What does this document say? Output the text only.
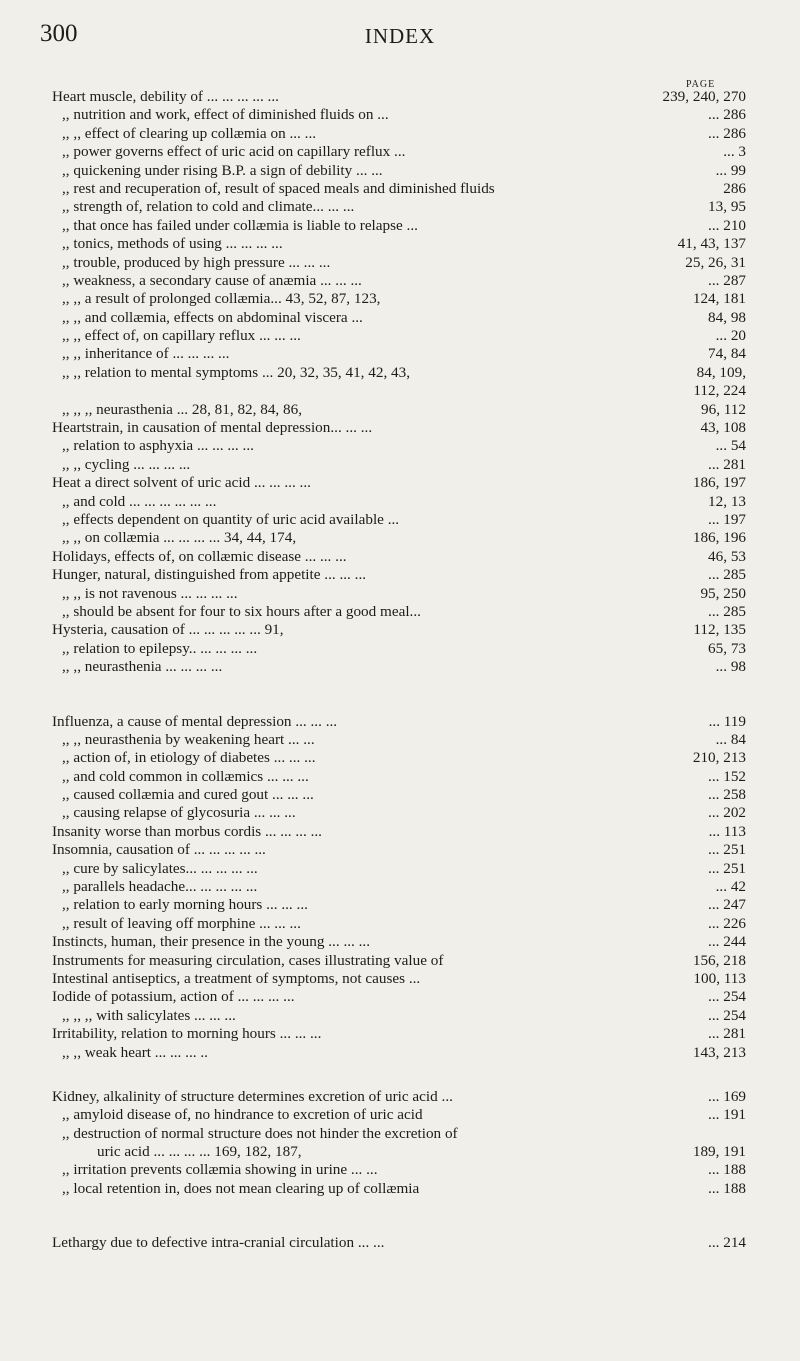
300	INDEX
PAGE
Heart muscle, debility of ... ... ... ... ...	239, 240, 270
,, nutrition and work, effect of diminished fluids on ...	... 286
,, ,, effect of clearing up collæmia on ... ...	... 286
,, power governs effect of uric acid on capillary reflux ...	... 3
,, quickening under rising B.P. a sign of debility ... ...	... 99
,, rest and recuperation of, result of spaced meals and diminished fluids	286
,, strength of, relation to cold and climate... ... ...	13, 95
,, that once has failed under collæmia is liable to relapse ...	... 210
,, tonics, methods of using ... ... ... ...	41, 43, 137
,, trouble, produced by high pressure ... ... ...	25, 26, 31
,, weakness, a secondary cause of anæmia ... ... ...	... 287
,, ,, a result of prolonged collæmia... 43, 52, 87, 123,	124, 181
,, ,, and collæmia, effects on abdominal viscera ...	84, 98
,, ,, effect of, on capillary reflux ... ... ...	... 20
,, ,, inheritance of ... ... ... ...	74, 84
,, ,, relation to mental symptoms ... 20, 32, 35, 41, 42, 43,	84, 109,
112, 224
,, ,, ,, neurasthenia ... 28, 81, 82, 84, 86,	96, 112
Heartstrain, in causation of mental depression... ... ...	43, 108
,, relation to asphyxia ... ... ... ...	... 54
,, ,, cycling ... ... ... ...	... 281
Heat a direct solvent of uric acid ... ... ... ...	186, 197
,, and cold ... ... ... ... ... ...	12, 13
,, effects dependent on quantity of uric acid available ...	... 197
,, ,, on collæmia ... ... ... ... 34, 44, 174,	186, 196
Holidays, effects of, on collæmic disease ... ... ...	46, 53
Hunger, natural, distinguished from appetite ... ... ...	... 285
,, ,, is not ravenous ... ... ... ...	95, 250
,, should be absent for four to six hours after a good meal...	... 285
Hysteria, causation of ... ... ... ... ... 91,	112, 135
,, relation to epilepsy.. ... ... ... ...	65, 73
,, ,, neurasthenia ... ... ... ...	... 98
Influenza, a cause of mental depression ... ... ...	... 119
,, ,, neurasthenia by weakening heart ... ...	... 84
,, action of, in etiology of diabetes ... ... ...	210, 213
,, and cold common in collæmics ... ... ...	... 152
,, caused collæmia and cured gout ... ... ...	... 258
,, causing relapse of glycosuria ... ... ...	... 202
Insanity worse than morbus cordis ... ... ... ...	... 113
Insomnia, causation of ... ... ... ... ...	... 251
,, cure by salicylates... ... ... ... ...	... 251
,, parallels headache... ... ... ... ...	... 42
,, relation to early morning hours ... ... ...	... 247
,, result of leaving off morphine ... ... ...	... 226
Instincts, human, their presence in the young ... ... ...	... 244
Instruments for measuring circulation, cases illustrating value of	156, 218
Intestinal antiseptics, a treatment of symptoms, not causes ...	100, 113
Iodide of potassium, action of ... ... ... ...	... 254
,, ,, ,, with salicylates ... ... ...	... 254
Irritability, relation to morning hours ... ... ...	... 281
,, ,, weak heart ... ... ... ..	143, 213
Kidney, alkalinity of structure determines excretion of uric acid ...	... 169
,, amyloid disease of, no hindrance to excretion of uric acid	... 191
,, destruction of normal structure does not hinder the excretion of
uric acid ... ... ... ... 169, 182, 187,	189, 191
,, irritation prevents collæmia showing in urine ... ...	... 188
,, local retention in, does not mean clearing up of collæmia	... 188
Lethargy due to defective intra-cranial circulation ... ...	... 214
